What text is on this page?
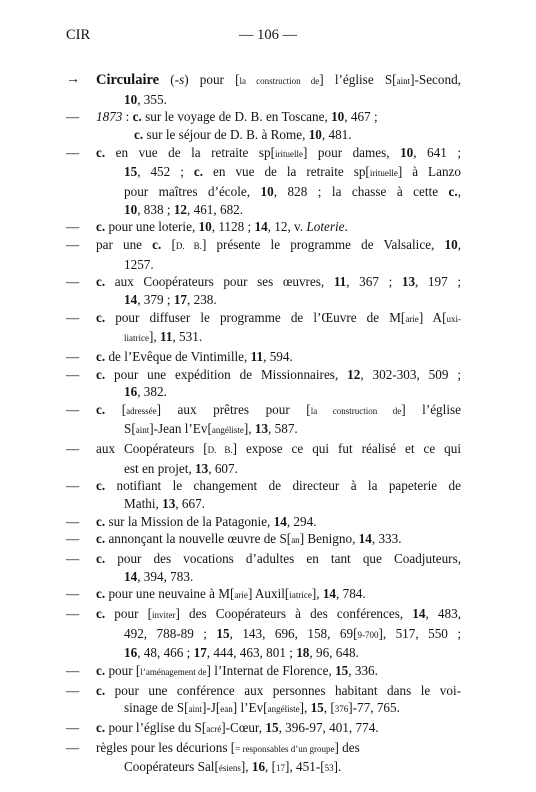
CIR	— 106 —
→ Circulaire (-s) pour [la construction de] l’église S[aint]-Second,
10, 355.
— 1873 : c. sur le voyage de D. B. en Toscane, 10, 467 ;
c. sur le séjour de D. B. à Rome, 10, 481.
— c. en vue de la retraite sp[irituelle] pour dames, 10, 641 ;
15, 452 ; c. en vue de la retraite sp[irituelle] à Lanzo
pour maîtres d’école, 10, 828 ; la chasse à cette c.,
10, 838 ; 12, 461, 682.
— c. pour une loterie, 10, 1128 ; 14, 12, v. Loterie.
— par une c. [D. B.] présente le programme de Valsalice, 10,
1257.
— c. aux Coopérateurs pour ses œuvres, 11, 367 ; 13, 197 ;
14, 379 ; 17, 238.
— c. pour diffuser le programme de l’Œuvre de M[arie] A[uxi-
liatrice], 11, 531.
— c. de l’Evêque de Vintimille, 11, 594.
— c. pour une expédition de Missionnaires, 12, 302-303, 509 ;
16, 382.
— c. [adressée] aux prêtres pour [la construction de] l’église
S[aint]-Jean l’Ev[angéliste], 13, 587.
— aux Coopérateurs [D. B.] expose ce qui fut réalisé et ce qui
est en projet, 13, 607.
— c. notifiant le changement de directeur à la papeterie de
Mathi, 13, 667.
— c. sur la Mission de la Patagonie, 14, 294.
— c. annonçant la nouvelle œuvre de S[an] Benigno, 14, 333.
— c. pour des vocations d’adultes en tant que Coadjuteurs,
14, 394, 783.
— c. pour une neuvaine à M[arie] Auxil[iatrice], 14, 784.
— c. pour [inviter] des Coopérateurs à des conférences, 14, 483,
492, 788-89 ; 15, 143, 696, 158, 69[9-700], 517, 550 ;
16, 48, 466 ; 17, 444, 463, 801 ; 18, 96, 648.
— c. pour [l’aménagement de] l’Internat de Florence, 15, 336.
— c. pour une conférence aux personnes habitant dans le voi-
sinage de S[aint]-J[ean] l’Ev[angéliste], 15, [376]-77, 765.
— c. pour l’église du S[acré]-Cœur, 15, 396-97, 401, 774.
— règles pour les décurions [= responsables d’un groupe] des
Coopérateurs Sal[ésiens], 16, [17], 451-[53].
